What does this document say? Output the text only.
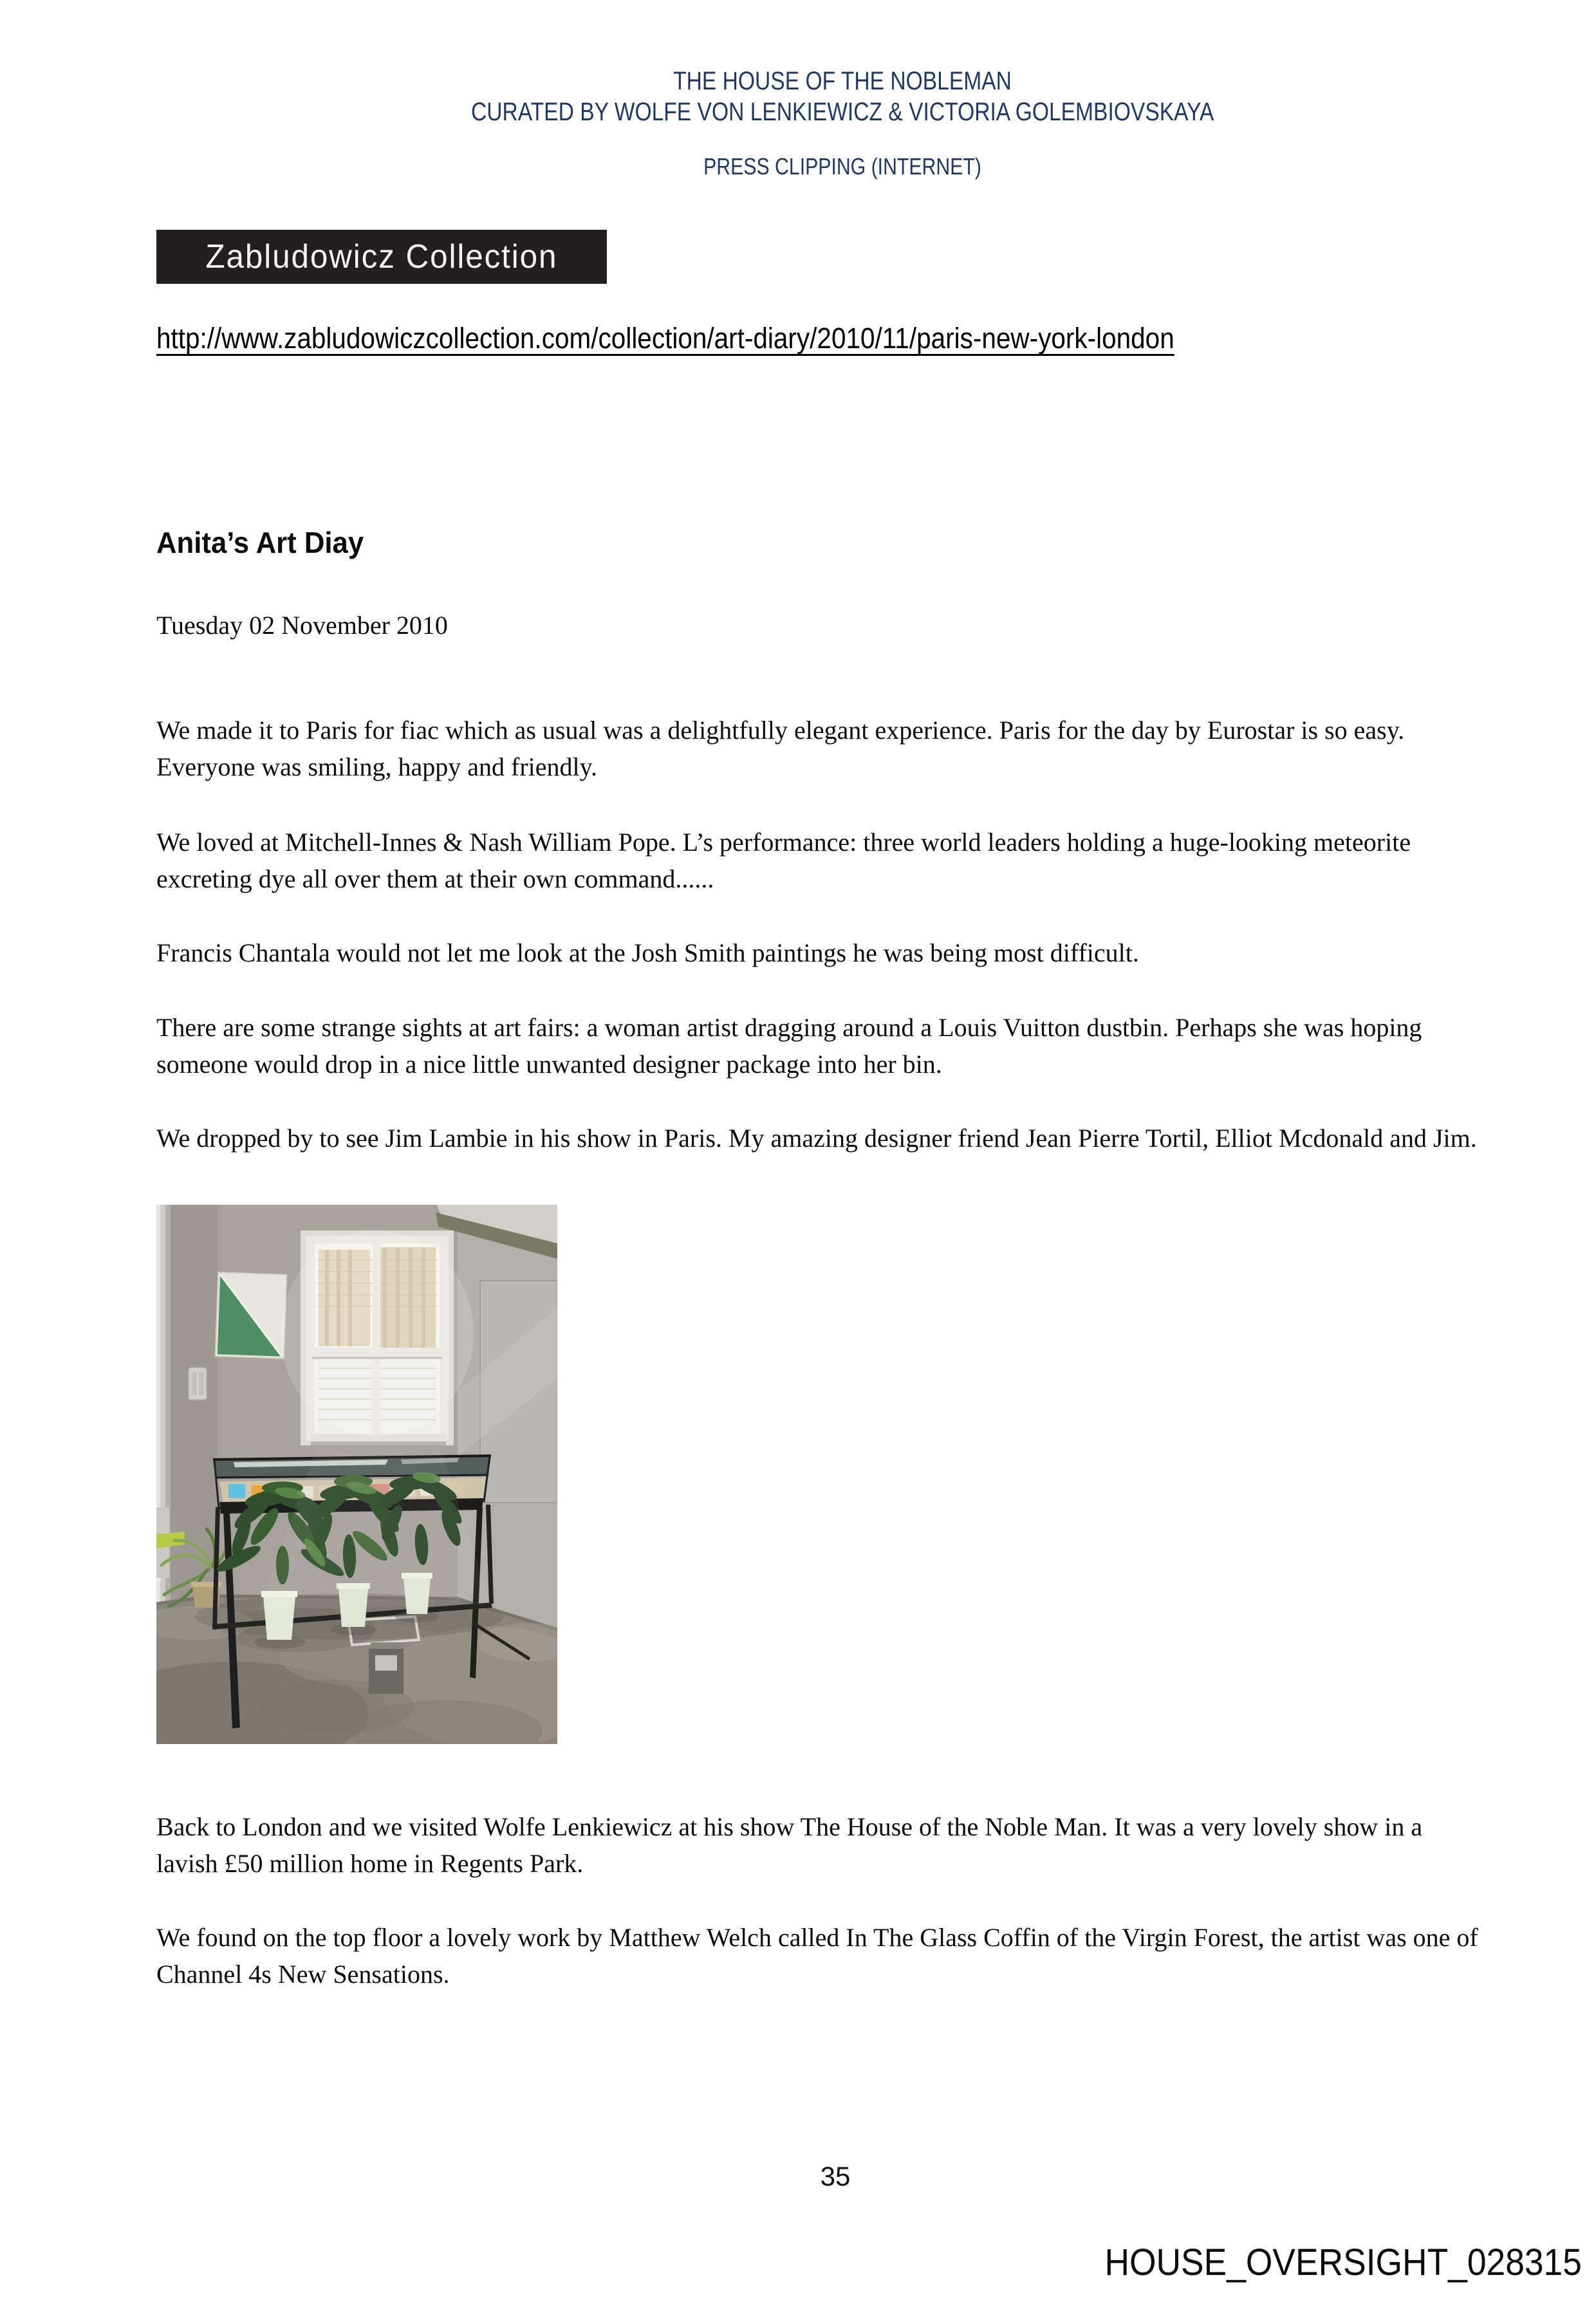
THE HOUSE OF THE NOBLEMAN
CURATED BY WOLFE VON LENKIEWICZ & VICTORIA GOLEMBIOVSKAYA
PRESS CLIPPING (INTERNET)
Zabludowicz Collection
http://www.zabludowiczcollection.com/collection/art-diary/2010/11/paris-new-york-london
Anita’s Art Diay
Tuesday 02 November 2010

We made it to Paris for fiac which as usual was a delightfully elegant experience. Paris for the day by Eurostar is so easy. Everyone was smiling, happy and friendly.

We loved at Mitchell-Innes & Nash William Pope. L’s performance: three world leaders holding a huge-looking meteorite excreting dye all over them at their own command......

Francis Chantala would not let me look at the Josh Smith paintings he was being most difficult.

There are some strange sights at art fairs: a woman artist dragging around a Louis Vuitton dustbin. Perhaps she was hoping someone would drop in a nice little unwanted designer package into her bin.

We dropped by to see Jim Lambie in his show in Paris. My amazing designer friend Jean Pierre Tortil, Elliot Mcdonald and Jim.

Back to London and we visited Wolfe Lenkiewicz at his show The House of the Noble Man. It was a very lovely show in a lavish £50 million home in Regents Park.

We found on the top floor a lovely work by Matthew Welch called In The Glass Coffin of the Virgin Forest, the artist was one of Channel 4s New Sensations.

35
HOUSE_OVERSIGHT_028315
